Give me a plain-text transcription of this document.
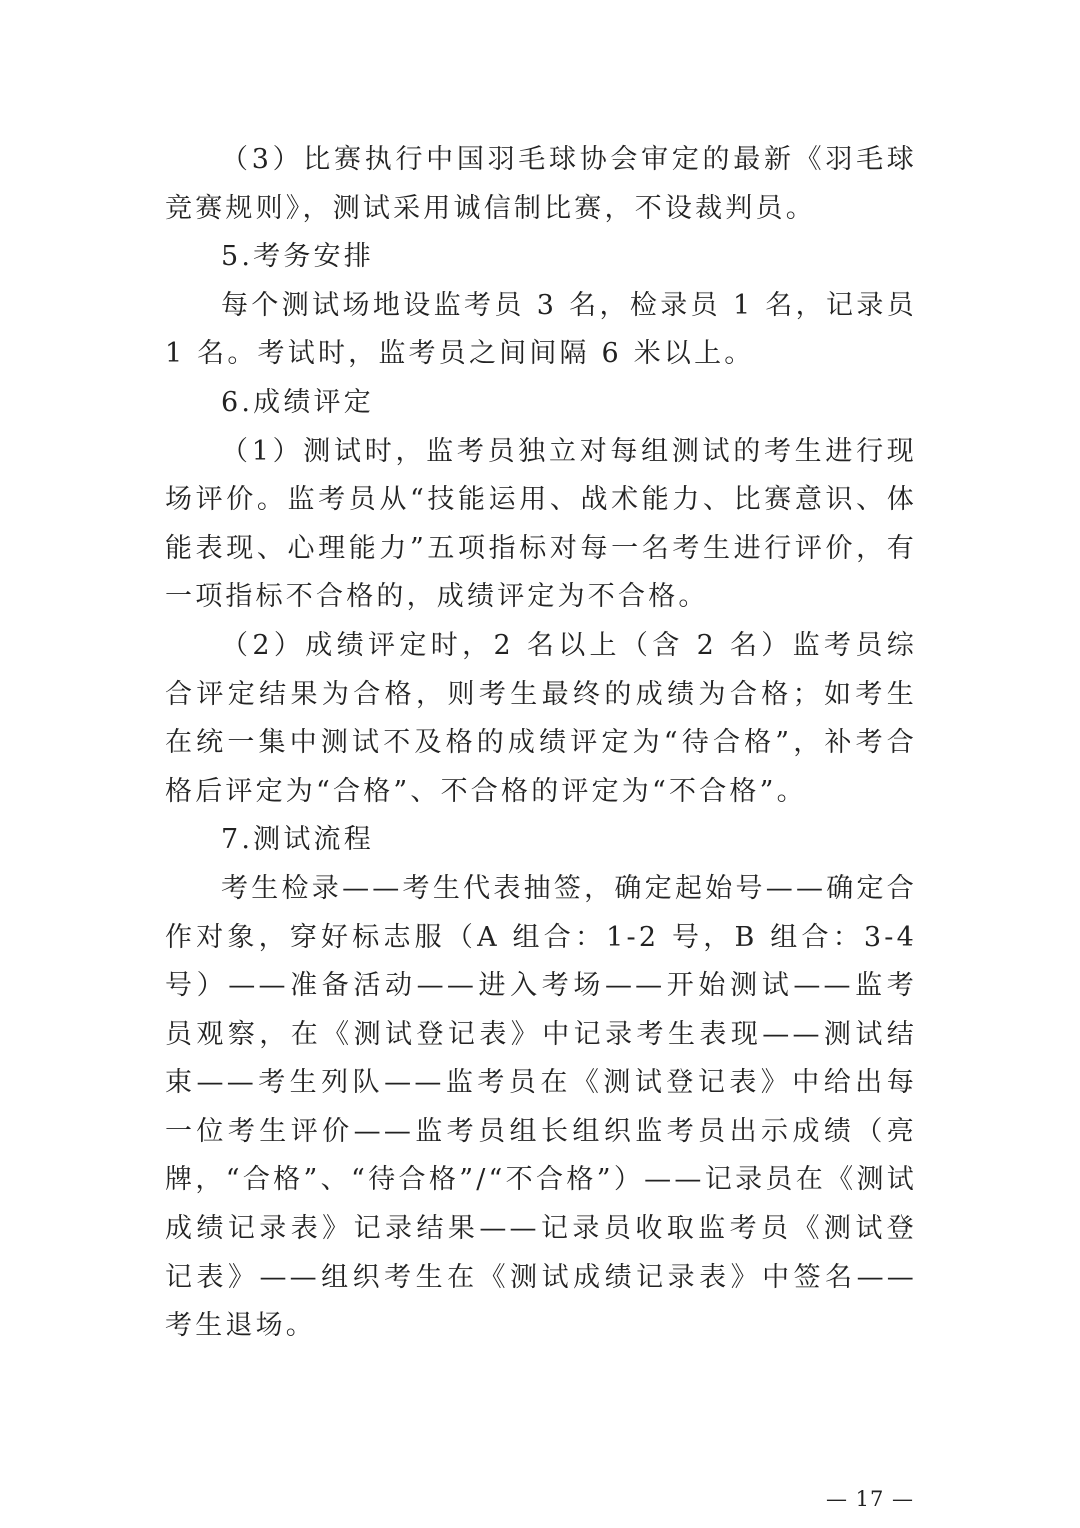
（3）比赛执行中国羽毛球协会审定的最新《羽毛球竞赛规则》，测试采用诚信制比赛，不设裁判员。

5.考务安排

每个测试场地设监考员 3 名，检录员 1 名，记录员 1 名。考试时，监考员之间间隔 6 米以上。

6.成绩评定

（1）测试时，监考员独立对每组测试的考生进行现场评价。监考员从“技能运用、战术能力、比赛意识、体能表现、心理能力”五项指标对每一名考生进行评价，有一项指标不合格的，成绩评定为不合格。

（2）成绩评定时，2 名以上（含 2 名）监考员综合评定结果为合格，则考生最终的成绩为合格；如考生在统一集中测试不及格的成绩评定为“待合格”，补考合格后评定为“合格”、不合格的评定为“不合格”。

7.测试流程

考生检录——考生代表抽签，确定起始号——确定合作对象，穿好标志服（A 组合：1-2 号，B 组合：3-4 号）——准备活动——进入考场——开始测试——监考员观察，在《测试登记表》中记录考生表现——测试结束——考生列队——监考员在《测试登记表》中给出每一位考生评价——监考员组长组织监考员出示成绩（亮牌，“合格”、“待合格”/“不合格”）——记录员在《测试成绩记录表》记录结果——记录员收取监考员《测试登记表》——组织考生在《测试成绩记录表》中签名——考生退场。

— 17 —
